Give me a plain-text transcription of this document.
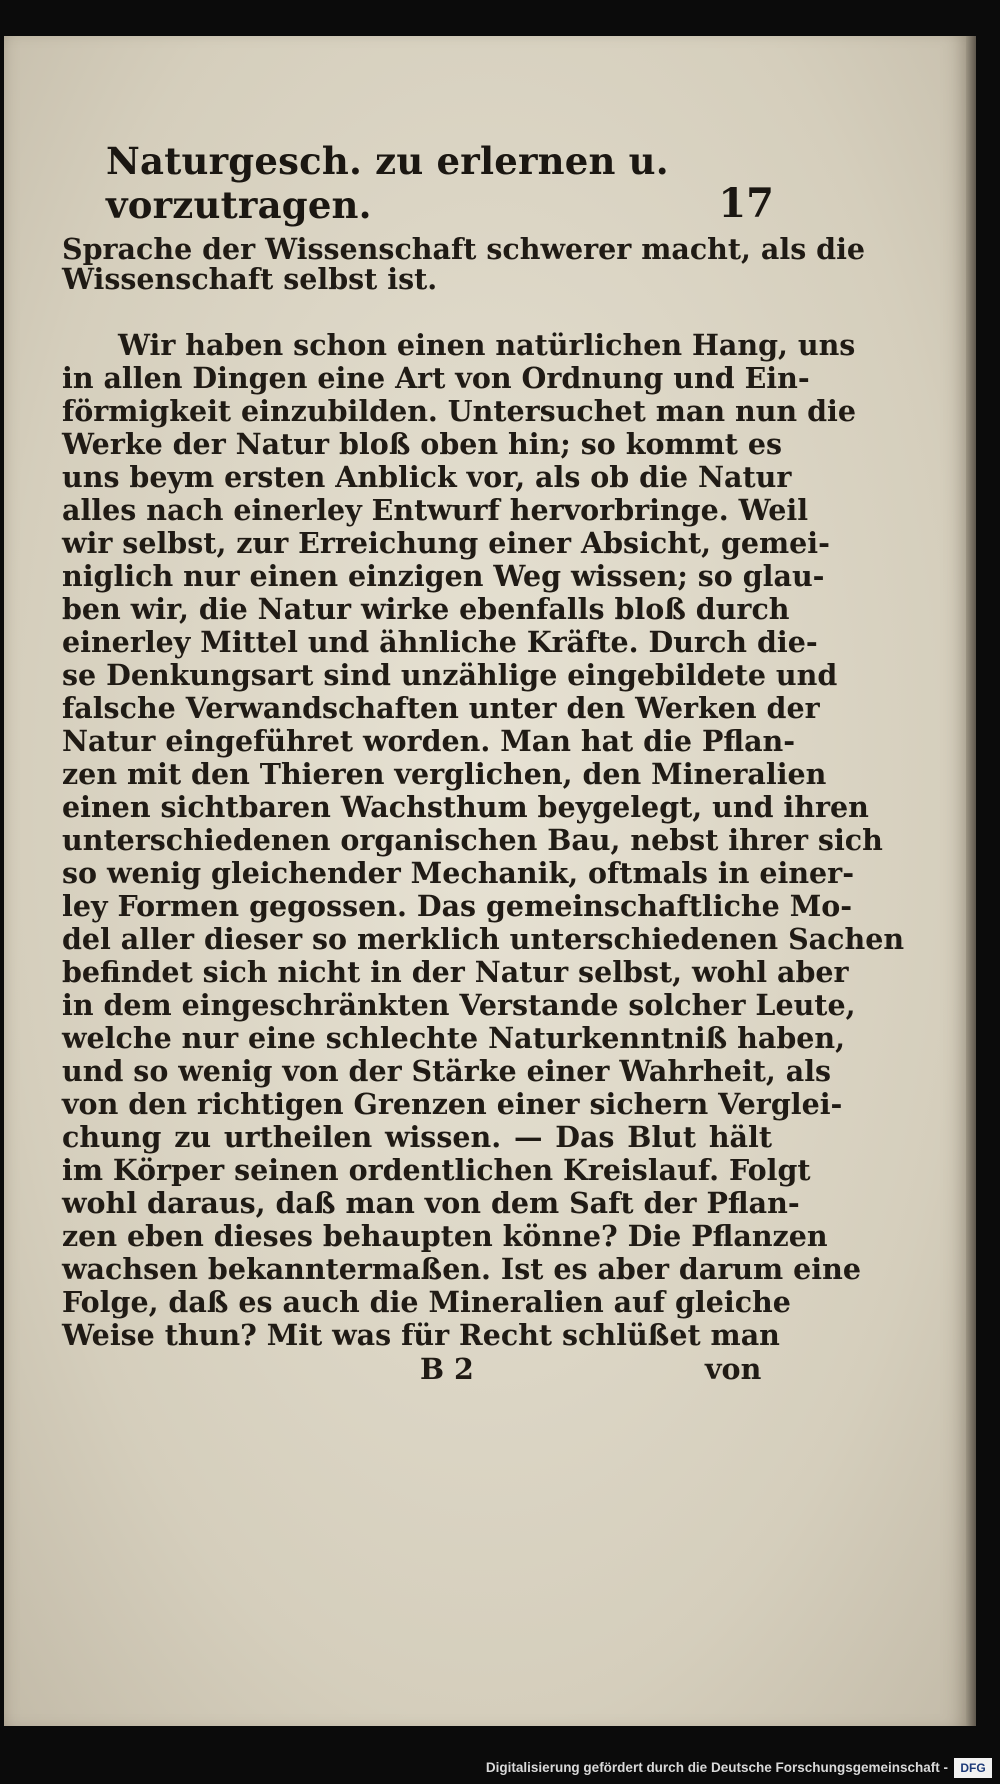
Naturgesch. zu erlernen u. vorzutragen.	17
Sprache der Wissenschaft schwerer macht, als die
Wissenschaft selbst ist.
Wir haben schon einen natürlichen Hang, uns
in allen Dingen eine Art von Ordnung und Ein-
förmigkeit einzubilden. Untersuchet man nun die
Werke der Natur bloß oben hin; so kommt es
uns beym ersten Anblick vor, als ob die Natur
alles nach einerley Entwurf hervorbringe. Weil
wir selbst, zur Erreichung einer Absicht, gemei-
niglich nur einen einzigen Weg wissen; so glau-
ben wir, die Natur wirke ebenfalls bloß durch
einerley Mittel und ähnliche Kräfte. Durch die-
se Denkungsart sind unzählige eingebildete und
falsche Verwandschaften unter den Werken der
Natur eingeführet worden. Man hat die Pflan-
zen mit den Thieren verglichen, den Mineralien
einen sichtbaren Wachsthum beygelegt, und ihren
unterschiedenen organischen Bau, nebst ihrer sich
so wenig gleichender Mechanik, oftmals in einer-
ley Formen gegossen. Das gemeinschaftliche Mo-
del aller dieser so merklich unterschiedenen Sachen
befindet sich nicht in der Natur selbst, wohl aber
in dem eingeschränkten Verstande solcher Leute,
welche nur eine schlechte Naturkenntniß haben,
und so wenig von der Stärke einer Wahrheit, als
von den richtigen Grenzen einer sichern Verglei-
chung zu urtheilen wissen. — Das Blut hält
im Körper seinen ordentlichen Kreislauf. Folgt
wohl daraus, daß man von dem Saft der Pflan-
zen eben dieses behaupten könne? Die Pflanzen
wachsen bekanntermaßen. Ist es aber darum eine
Folge, daß es auch die Mineralien auf gleiche
Weise thun? Mit was für Recht schlüßet man
B 2	von
Digitalisierung gefördert durch die Deutsche Forschungsgemeinschaft -	DFG
